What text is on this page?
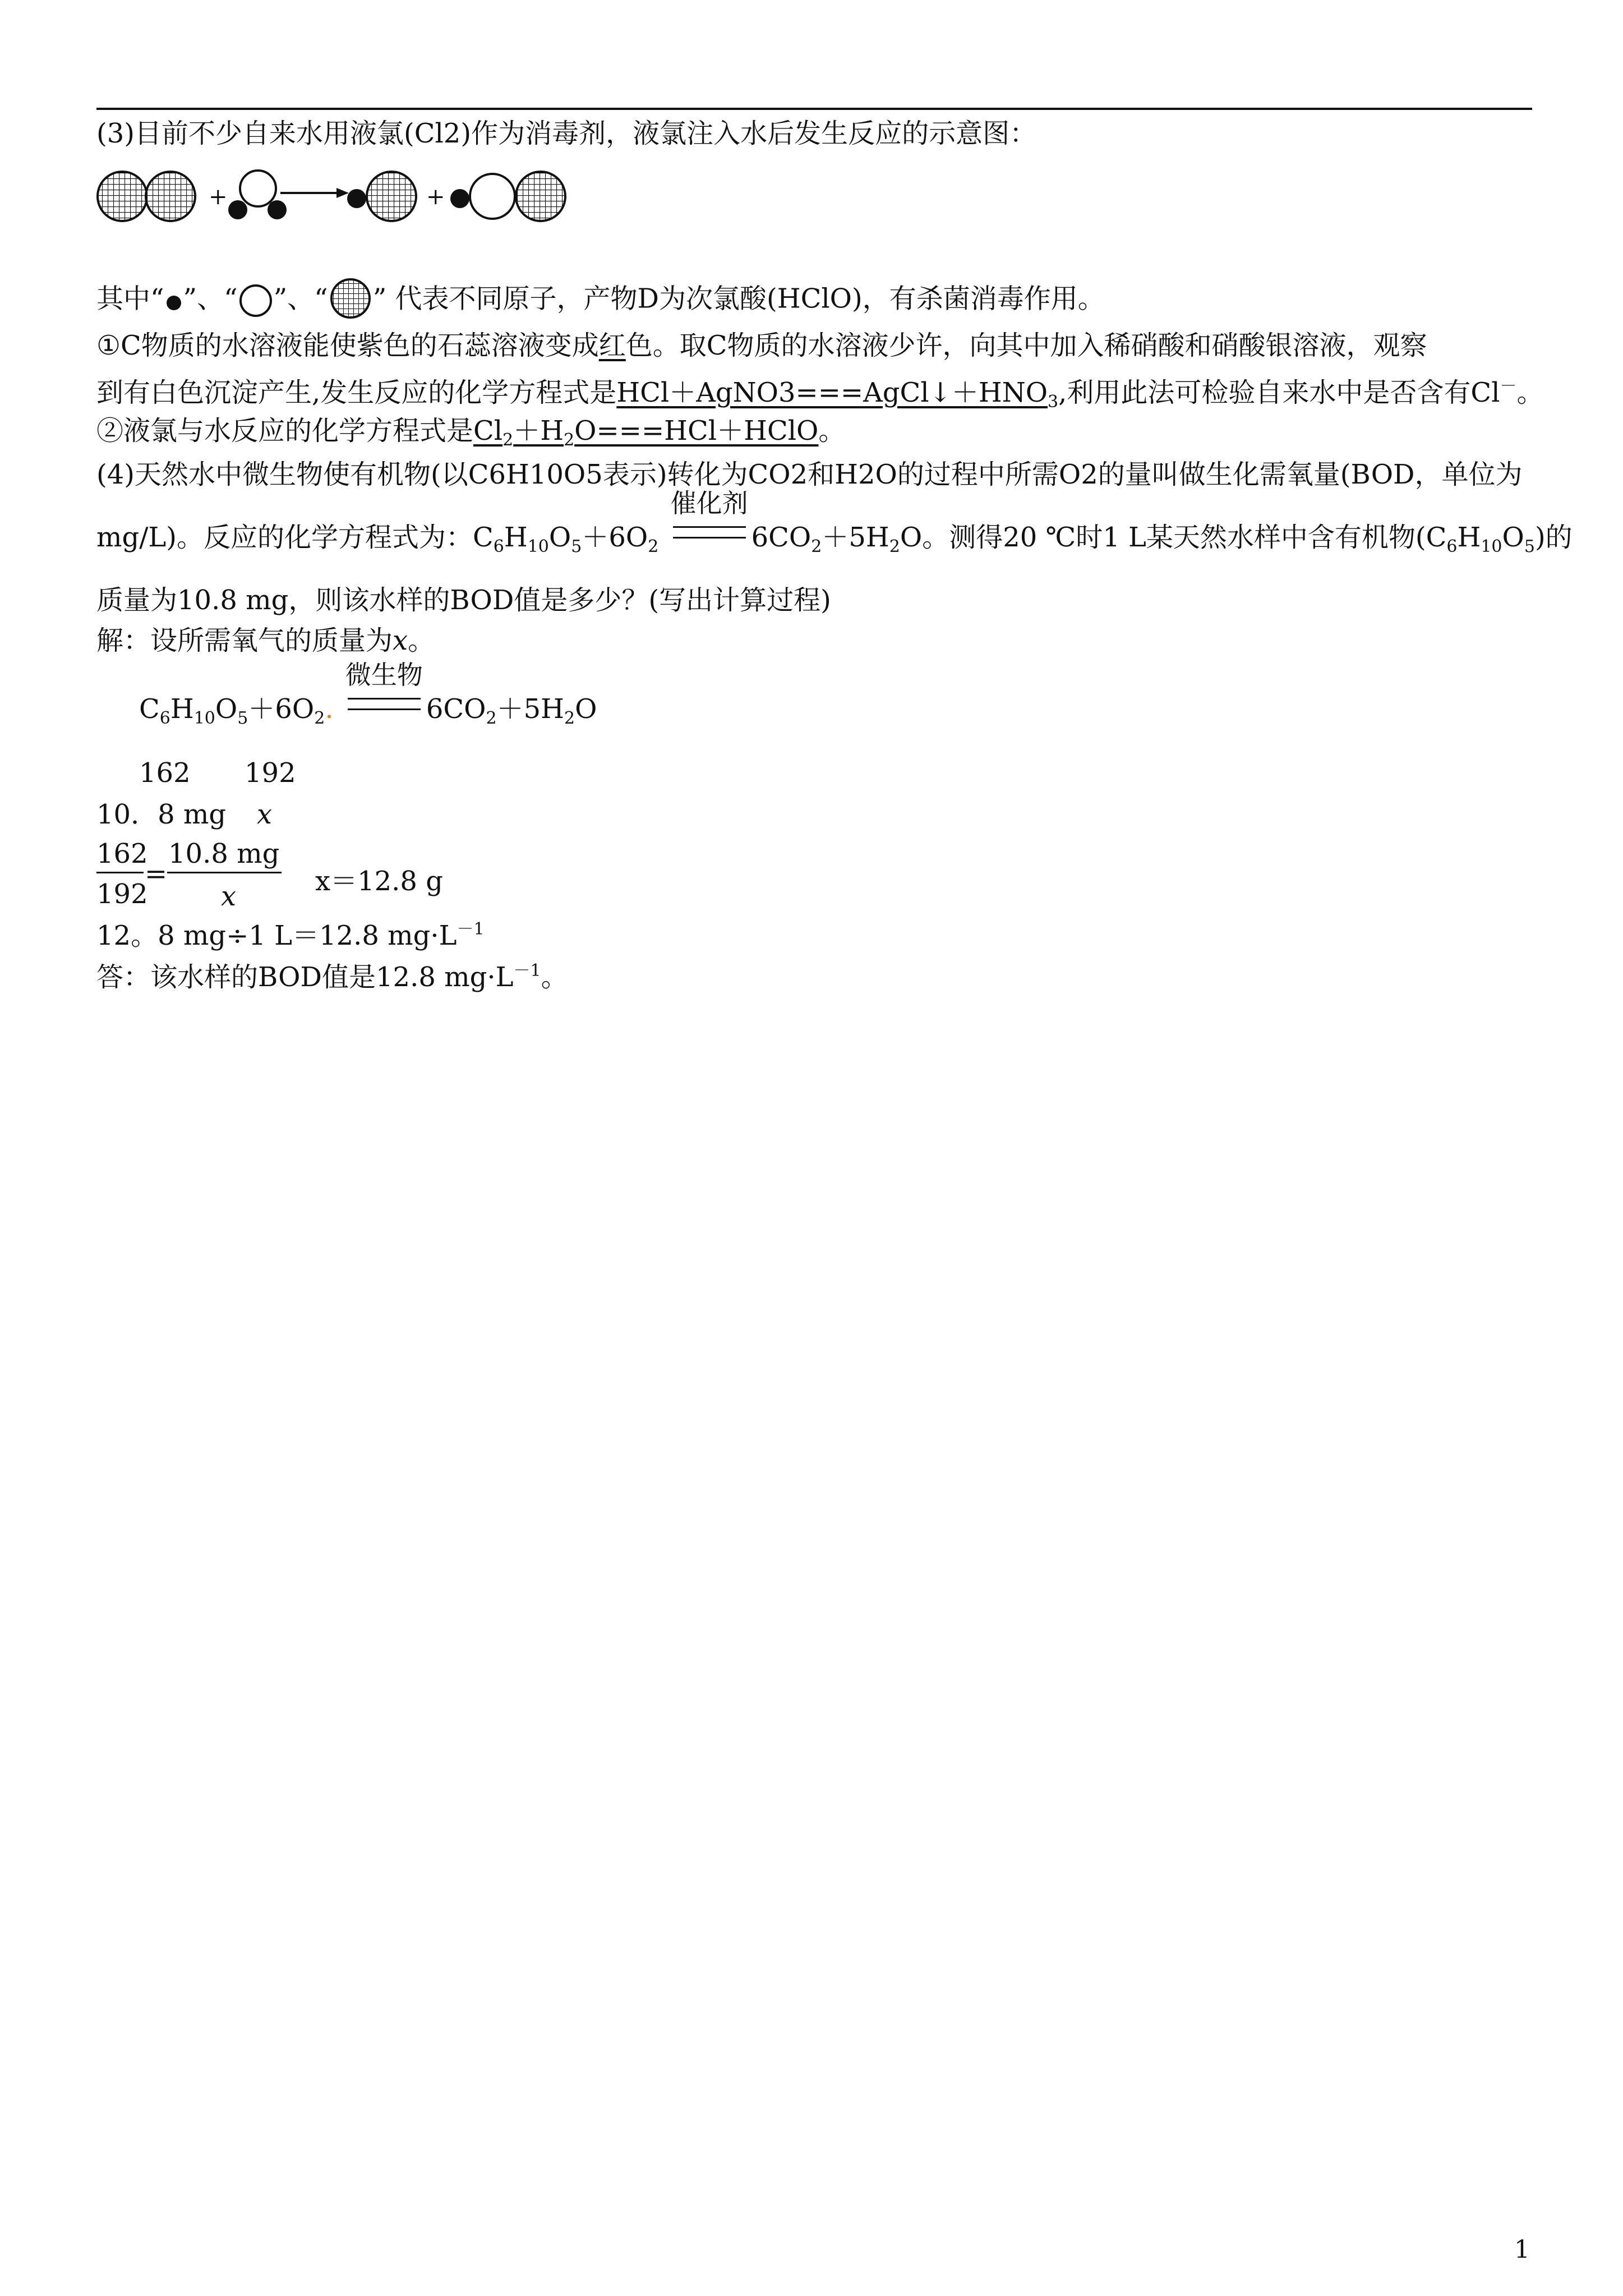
(3)目前不少自来水用液氯(Cl2)作为消毒剂，液氯注入水后发生反应的示意图：
+	+
其中“ ”、“ ”、“ ” 代表不同原子，产物D为次氯酸(HClO)，有杀菌消毒作用。
①C物质的水溶液能使紫色的石蕊溶液变成红色。取C物质的水溶液少许，向其中加入稀硝酸和硝酸银溶液，观察
到有白色沉淀产生,发生反应的化学方程式是$HCl+AgNO3===AgCl↓+HNO_3$,利用此法可检验自来水中是否含有Cl－。
②液氯与水反应的化学方程式是$Cl_2+H_2O===HCl+HClO$。
(4)天然水中微生物使有机物(以C6H10O5表示)转化为CO2和H2O的过程中所需O2的量叫做生化需氧量(BOD，单位为
mg/L)。反应的化学方程式为：$C_6H_{10}O_5+6O_2$
催化剂
$6CO_2+5H_2O$。测得20 ℃时1 L某天然水样中含有机物$(C_6H_{10}O_5)$的
质量为10.8 mg，则该水样的BOD值是多少？(写出计算过程)
解：设所需氧气的质量为x。
$C_6H_{10}O_5+6O_2$.
微生物
$6CO_2+5H_2O$
162 192
10．8 mg x
162
192
=
10.8 mg
x	x＝12.8 g
12。8 mg÷1 L＝12.8 $mg\cdot L^{-1}$
答：该水样的BOD值是12.8 $mg\cdot L^{-1}$。
1
